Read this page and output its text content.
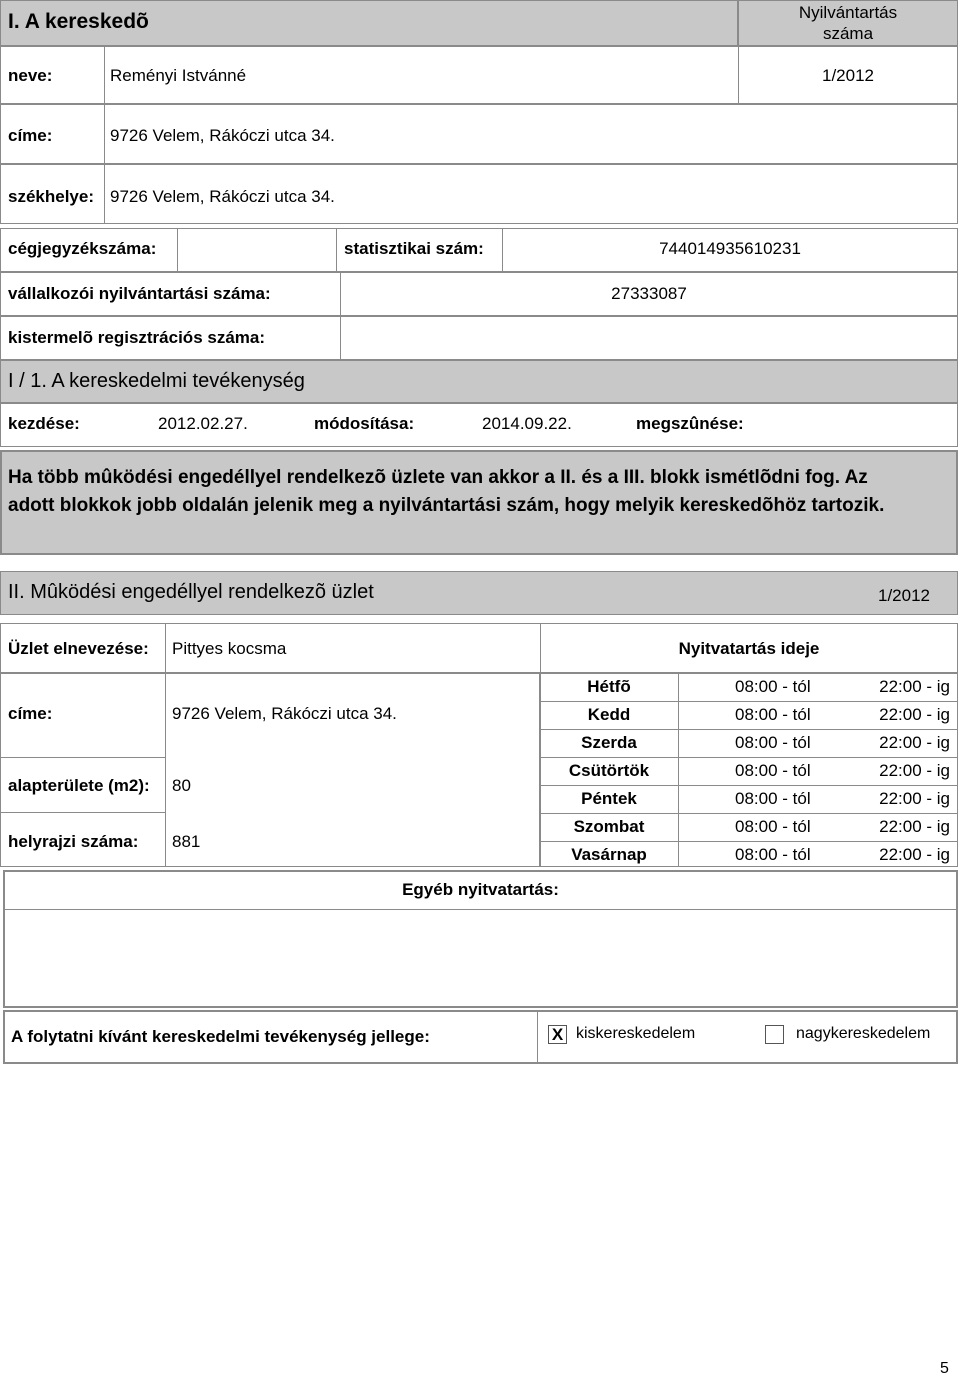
I. A kereskedõ	Nyilvántartás
száma
neve:	Reményi Istvánné	1/2012
címe:	9726 Velem, Rákóczi utca 34.
székhelye: 9726 Velem, Rákóczi utca 34.
cégjegyzékszáma:	statisztikai szám:	744014935610231
vállalkozói nyilvántartási száma:	27333087
kistermelõ regisztrációs száma:
I / 1. A kereskedelmi tevékenység
kezdése:	2012.02.27.	módosítása:	2014.09.22.	megszûnése:
Ha több mûködési engedéllyel rendelkezõ üzlete van akkor a II. és a III. blokk ismétlõdni fog. Az adott blokkok jobb oldalán jelenik meg a nyilvántartási szám, hogy melyik kereskedõhöz tartozik.
II. Mûködési engedéllyel rendelkezõ üzlet	1/2012
Üzlet elnevezése: Pittyes kocsma	Nyitvatartás ideje
címe:	9726 Velem, Rákóczi utca 34.
alapterülete (m2): 80
helyrajzi száma: 881
Hétfõ	08:00 - tól	22:00 - ig
Kedd	08:00 - tól	22:00 - ig
Szerda	08:00 - tól	22:00 - ig
Csütörtök	08:00 - tól	22:00 - ig
Péntek	08:00 - tól	22:00 - ig
Szombat	08:00 - tól	22:00 - ig
Vasárnap	08:00 - tól	22:00 - ig
Egyéb nyitvatartás:
A folytatni kívánt kereskedelmi tevékenység jellege:	X kiskereskedelem	nagykereskedelem
5
